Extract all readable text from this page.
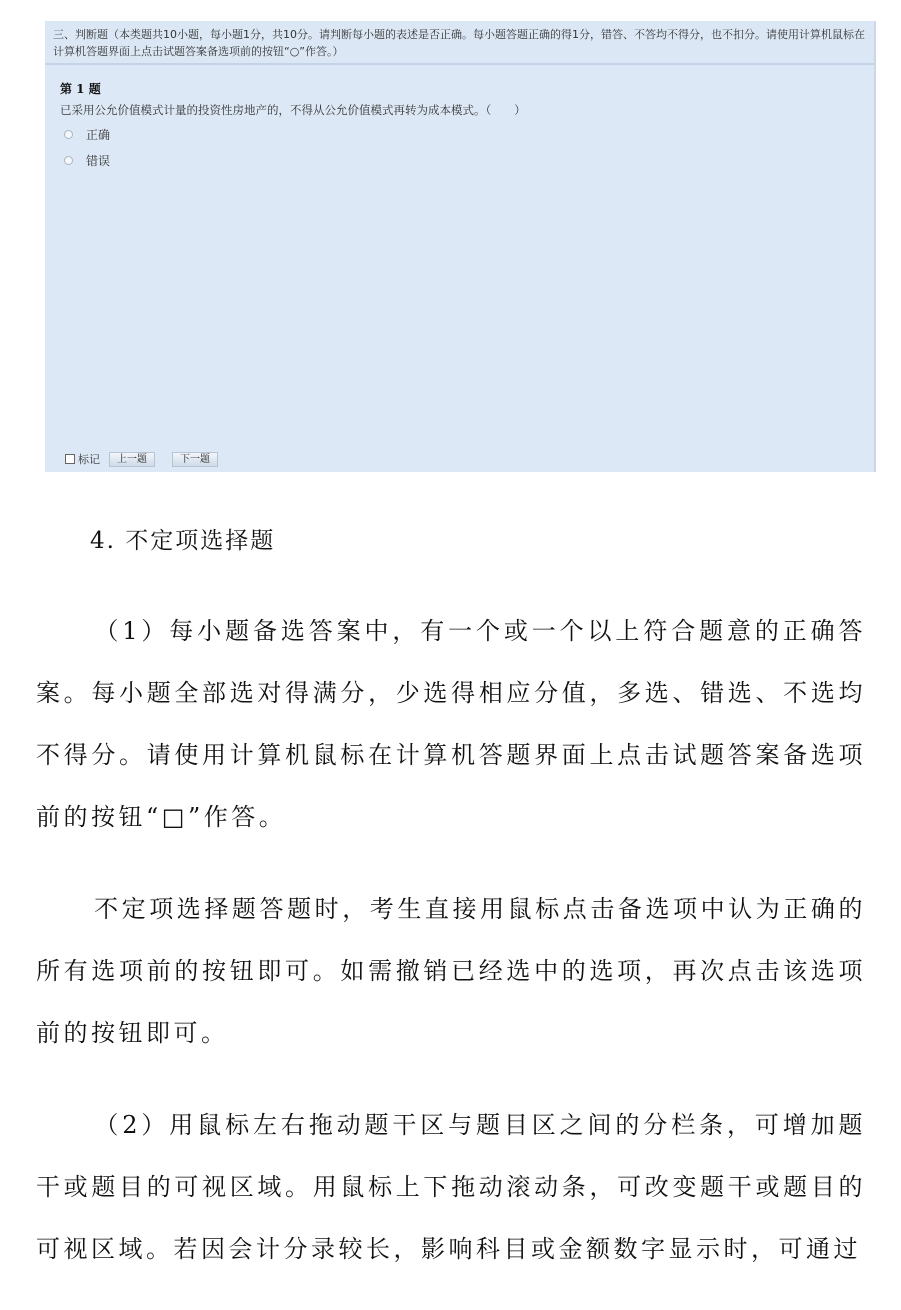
三、判断题（本类题共10小题，每小题1分，共10分。请判断每小题的表述是否正确。每小题答题正确的得1分，错答、不答均不得分，也不扣分。请使用计算机鼠标在计算机答题界面上点击试题答案备选项前的按钮“○”作答。）
第 1 题
已采用公允价值模式计量的投资性房地产的，不得从公允价值模式再转为成本模式。（　　）
正确
错误
标记	上一题	下一题
4. 不定项选择题
（1）每小题备选答案中，有一个或一个以上符合题意的正确答案。每小题全部选对得满分，少选得相应分值，多选、错选、不选均不得分。请使用计算机鼠标在计算机答题界面上点击试题答案备选项前的按钮“□”作答。
不定项选择题答题时，考生直接用鼠标点击备选项中认为正确的所有选项前的按钮即可。如需撤销已经选中的选项，再次点击该选项前的按钮即可。
（2）用鼠标左右拖动题干区与题目区之间的分栏条，可增加题干或题目的可视区域。用鼠标上下拖动滚动条，可改变题干或题目的可视区域。若因会计分录较长，影响科目或金额数字显示时，可通过
